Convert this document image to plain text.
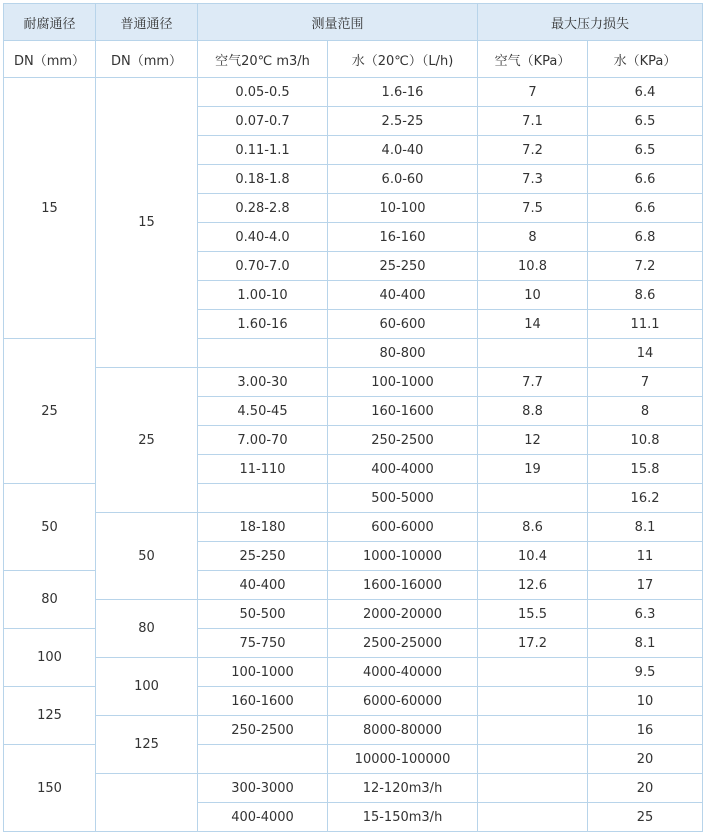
耐腐通径	普通通径	测量范围		最大压力损失	
DN（mm）	DN（mm）	空气20℃ m3/h	水（20℃）（L/h)	空气（KPa）	水（KPa）
15	15	0.05-0.5	1.6-16	7	6.4
		0.07-0.7	2.5-25	7.1	6.5
		0.11-1.1	4.0-40	7.2	6.5
		0.18-1.8	6.0-60	7.3	6.6
		0.28-2.8	10-100	7.5	6.6
		0.40-4.0	16-160	8	6.8
		0.70-7.0	25-250	10.8	7.2
		1.00-10	40-400	10	8.6
		1.60-16	60-600	14	11.1
25			80-800		14
	25	3.00-30	100-1000	7.7	7
		4.50-45	160-1600	8.8	8
		7.00-70	250-2500	12	10.8
		11-110	400-4000	19	15.8
50			500-5000		16.2
	50	18-180	600-6000	8.6	8.1
		25-250	1000-10000	10.4	11
80		40-400	1600-16000	12.6	17
	80	50-500	2000-20000	15.5	6.3
100		75-750	2500-25000	17.2	8.1
	100	100-1000	4000-40000		9.5
125		160-1600	6000-60000		10
	125	250-2500	8000-80000		16
150			10000-100000		20
		300-3000	12-120m3/h		20
		400-4000	15-150m3/h		25
